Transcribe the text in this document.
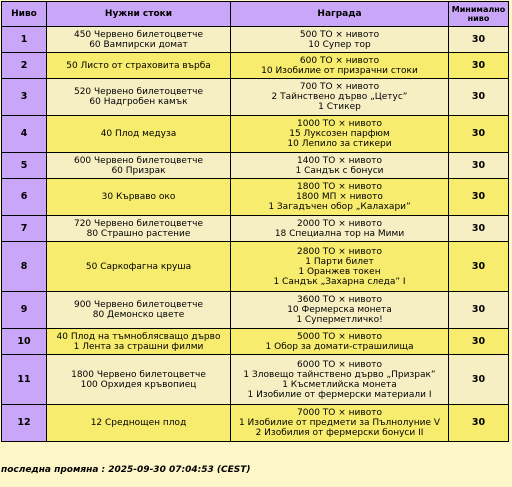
Ниво	Нужни стоки	Награда	Минимално ниво
1	450 Червено билетоцветче
60 Вампирски домат	500 ТО × нивото
10 Супер тор	30
2	50 Листо от страховита върба	600 ТО × нивото
10 Изобилие от призрачни стоки	30
3	520 Червено билетоцветче
60 Надгробен камък	700 ТО × нивото
2 Тайнствено дърво „Цетус”
1 Стикер	30
4	40 Плод медуза	1000 ТО × нивото
15 Луксозен парфюм
10 Лепило за стикери	30
5	600 Червено билетоцветче
60 Призрак	1400 ТО × нивото
1 Сандък с бонуси	30
6	30 Кърваво око	1800 ТО × нивото
1800 МП × нивото
1 Загадъчен обор „Калахари”	30
7	720 Червено билетоцветче
80 Страшно растение	2000 ТО × нивото
18 Специална тор на Мими	30
8	50 Саркофагна круша	2800 ТО × нивото
1 Парти билет
1 Оранжев токен
1 Сандък „Захарна следа” I	30
9	900 Червено билетоцветче
80 Демонско цвете	3600 ТО × нивото
10 Фермерска монета
1 Суперметличко!	30
10	40 Плод на тъмноблясващо дърво
1 Лента за страшни филми	5000 ТО × нивото
1 Обор за домати-страшилища	30
11	1800 Червено билетоцветче
100 Орхидея кръвопиец	6000 ТО × нивото
1 Зловещо тайнствено дърво „Призрак”
1 Късметлийска монета
1 Изобилие от фермерски материали I	30
12	12 Среднощен плод	7000 ТО × нивото
1 Изобилие от предмети за Пълнолуние V
2 Изобилия от фермерски бонуси II	30
последна промяна : 2025-09-30 07:04:53 (CEST)
